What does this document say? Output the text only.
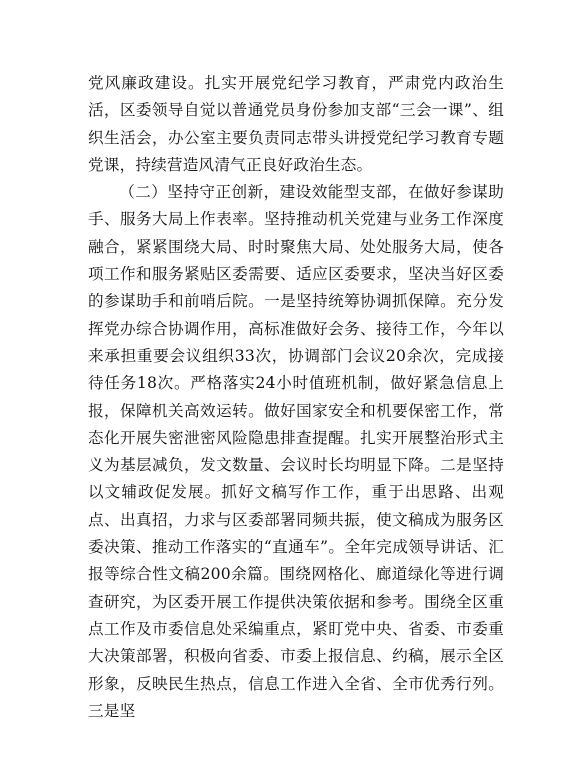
党风廉政建设。扎实开展党纪学习教育，严肃党内政治生活，区委领导自觉以普通党员身份参加支部“三会一课”、组织生活会，办公室主要负责同志带头讲授党纪学习教育专题党课，持续营造风清气正良好政治生态。

（二）坚持守正创新，建设效能型支部，在做好参谋助手、服务大局上作表率。坚持推动机关党建与业务工作深度融合，紧紧围绕大局、时时聚焦大局、处处服务大局，使各项工作和服务紧贴区委需要、适应区委要求，坚决当好区委的参谋助手和前哨后院。一是坚持统筹协调抓保障。充分发挥党办综合协调作用，高标准做好会务、接待工作，今年以来承担重要会议组织33次，协调部门会议20余次，完成接待任务18次。严格落实24小时值班机制，做好紧急信息上报，保障机关高效运转。做好国家安全和机要保密工作，常态化开展失密泄密风险隐患排查提醒。扎实开展整治形式主义为基层减负，发文数量、会议时长均明显下降。二是坚持以文辅政促发展。抓好文稿写作工作，重于出思路、出观点、出真招，力求与区委部署同频共振，使文稿成为服务区委决策、推动工作落实的“直通车”。全年完成领导讲话、汇报等综合性文稿200余篇。围绕网格化、廊道绿化等进行调查研究，为区委开展工作提供决策依据和参考。围绕全区重点工作及市委信息处采编重点，紧盯党中央、省委、市委重大决策部署，积极向省委、市委上报信息、约稿，展示全区形象，反映民生热点，信息工作进入全省、全市优秀行列。三是坚
